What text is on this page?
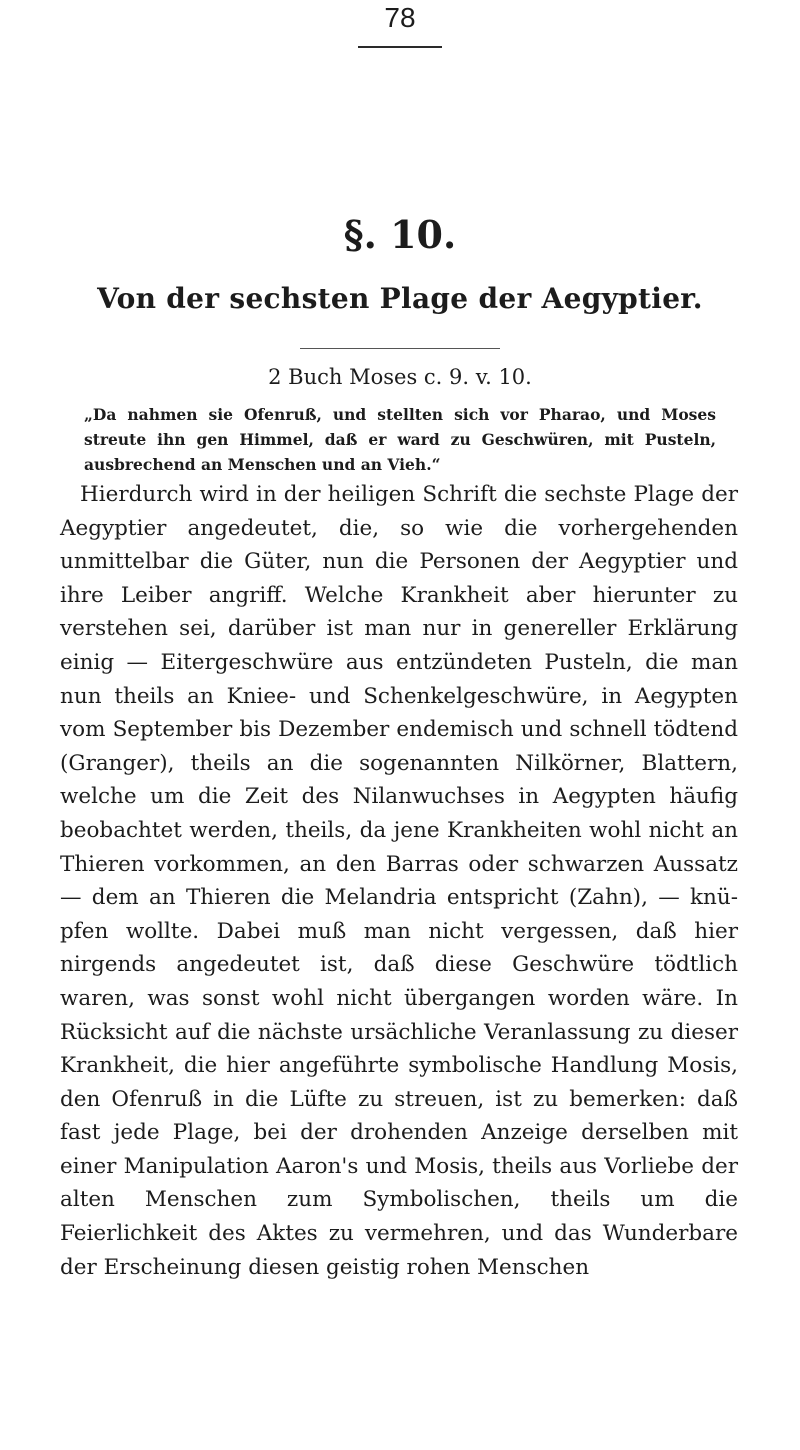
78
§. 10.
Von der sechsten Plage der Aegyptier.
2 Buch Moses c. 9. v. 10.
„Da nahmen sie Ofenruß, und stellten sich vor Pharao, und Moses streute ihn gen Himmel, daß er ward zu Geschwüren, mit Pusteln, ausbrechend an Menschen und an Vieh.“
Hierdurch wird in der heiligen Schrift die sechste Plage der Aegyptier angedeutet, die, so wie die vorhergehenden unmittelbar die Güter, nun die Personen der Aegyptier und ihre Leiber angriff. Welche Krankheit aber hierunter zu verstehen sei, darüber ist man nur in genereller Erklärung einig — Eitergeschwüre aus entzündeten Pusteln, die man nun theils an Kniee- und Schenkelgeschwüre, in Aegypten vom September bis Dezember endemisch und schnell tödtend (Granger), theils an die sogenannten Nilkörner, Blattern, welche um die Zeit des Nilanwuchses in Aegypten häufig beobachtet werden, theils, da jene Krankheiten wohl nicht an Thieren vorkommen, an den Barras oder schwarzen Aussatz — dem an Thieren die Melandria entspricht (Zahn), — knüpfen wollte. Dabei muß man nicht vergessen, daß hier nirgends angedeutet ist, daß diese Geschwüre tödtlich waren, was sonst wohl nicht übergangen worden wäre. In Rücksicht auf die nächste ursächliche Veranlassung zu dieser Krankheit, die hier angeführte symbolische Handlung Mosis, den Ofenruß in die Lüfte zu streuen, ist zu bemerken: daß fast jede Plage, bei der drohenden Anzeige derselben mit einer Manipulation Aaron's und Mosis, theils aus Vorliebe der alten Menschen zum Symbolischen, theils um die Feierlichkeit des Aktes zu vermehren, und das Wunderbare der Erscheinung diesen geistig rohen Menschen
